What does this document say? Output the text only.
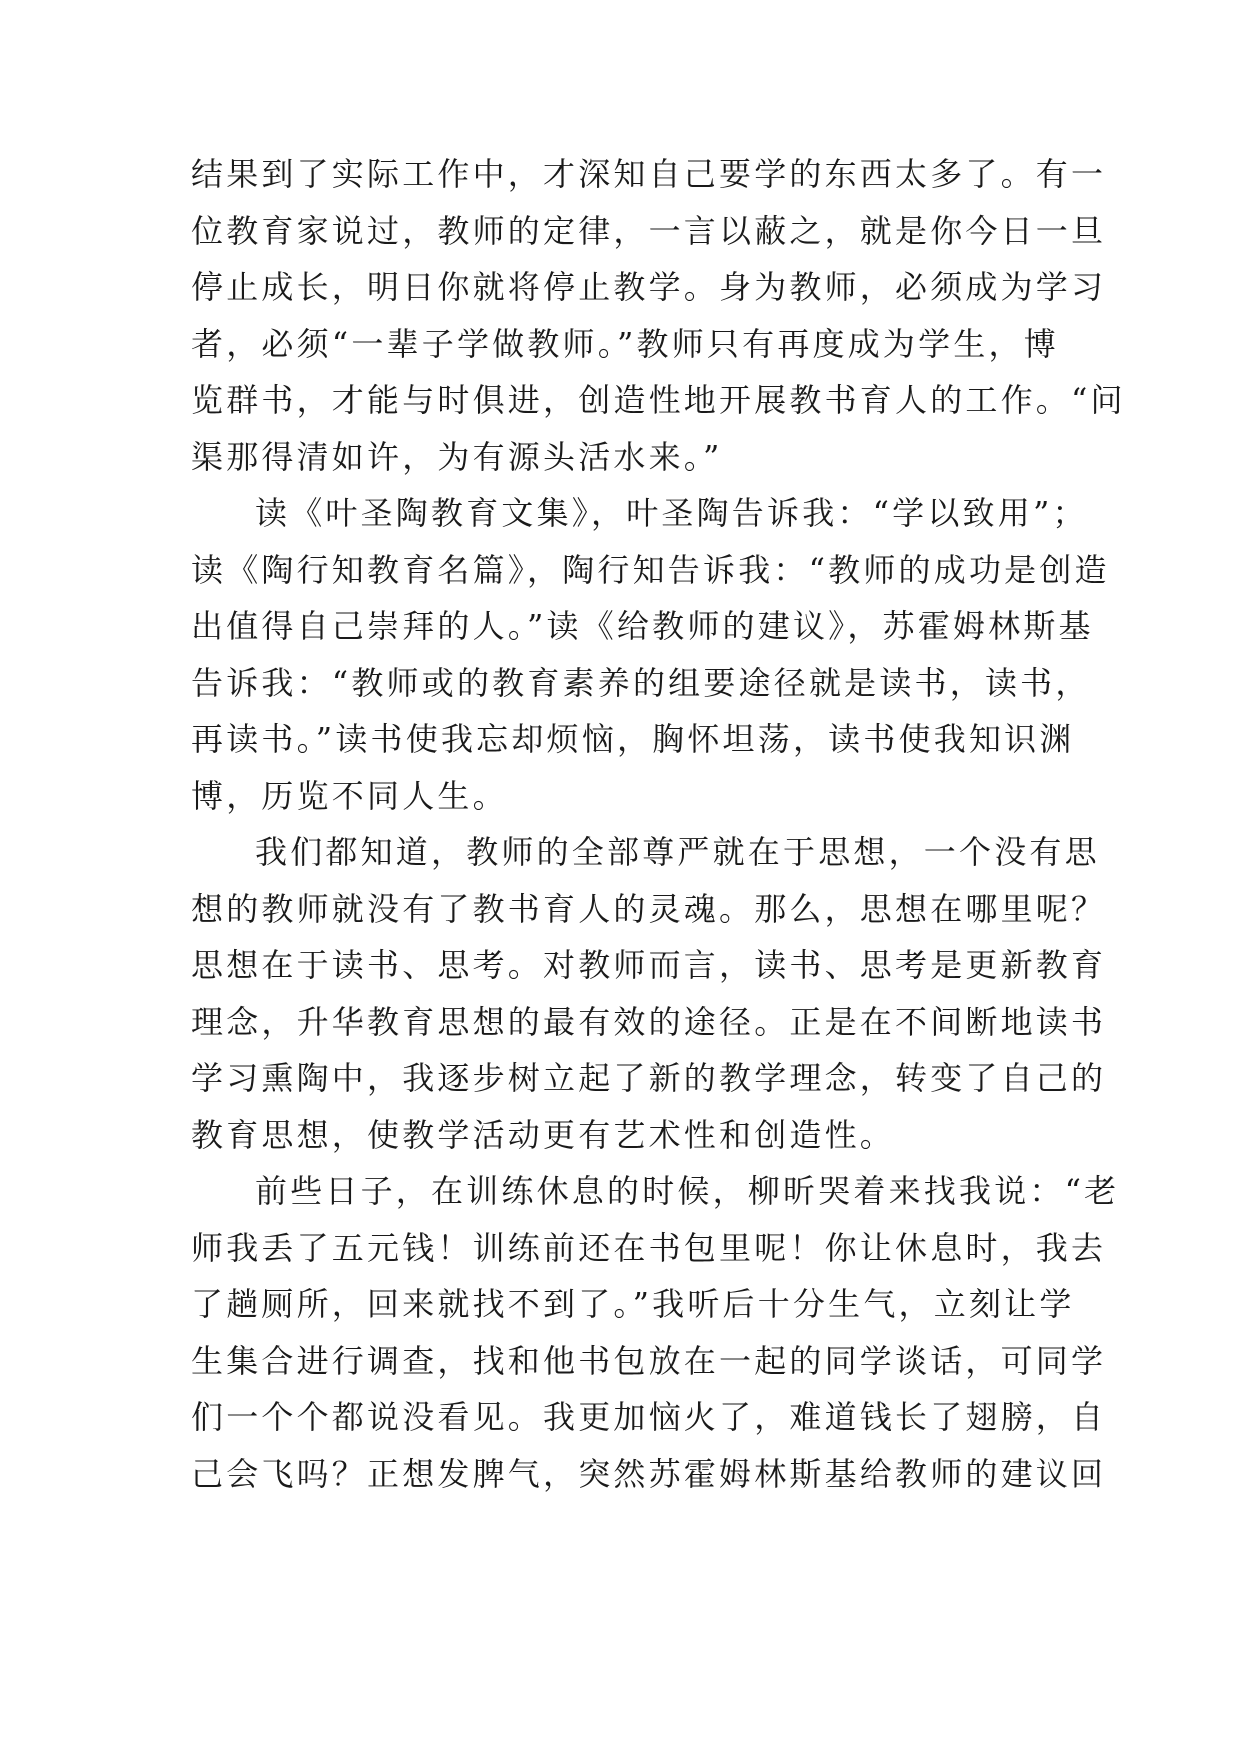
结果到了实际工作中，才深知自己要学的东西太多了。有一
位教育家说过，教师的定律，一言以蔽之，就是你今日一旦
停止成长，明日你就将停止教学。身为教师，必须成为学习
者，必须“一辈子学做教师。”教师只有再度成为学生，博
览群书，才能与时俱进，创造性地开展教书育人的工作。“问
渠那得清如许，为有源头活水来。”
读《叶圣陶教育文集》，叶圣陶告诉我：“学以致用”；
读《陶行知教育名篇》，陶行知告诉我：“教师的成功是创造
出值得自己崇拜的人。”读《给教师的建议》，苏霍姆林斯基
告诉我：“教师或的教育素养的组要途径就是读书，读书，
再读书。”读书使我忘却烦恼，胸怀坦荡，读书使我知识渊
博，历览不同人生。
我们都知道，教师的全部尊严就在于思想，一个没有思
想的教师就没有了教书育人的灵魂。那么，思想在哪里呢？
思想在于读书、思考。对教师而言，读书、思考是更新教育
理念，升华教育思想的最有效的途径。正是在不间断地读书
学习熏陶中，我逐步树立起了新的教学理念，转变了自己的
教育思想，使教学活动更有艺术性和创造性。
前些日子，在训练休息的时候，柳昕哭着来找我说：“老
师我丢了五元钱！训练前还在书包里呢！你让休息时，我去
了趟厕所，回来就找不到了。”我听后十分生气，立刻让学
生集合进行调查，找和他书包放在一起的同学谈话，可同学
们一个个都说没看见。我更加恼火了，难道钱长了翅膀，自
己会飞吗？正想发脾气，突然苏霍姆林斯基给教师的建议回
